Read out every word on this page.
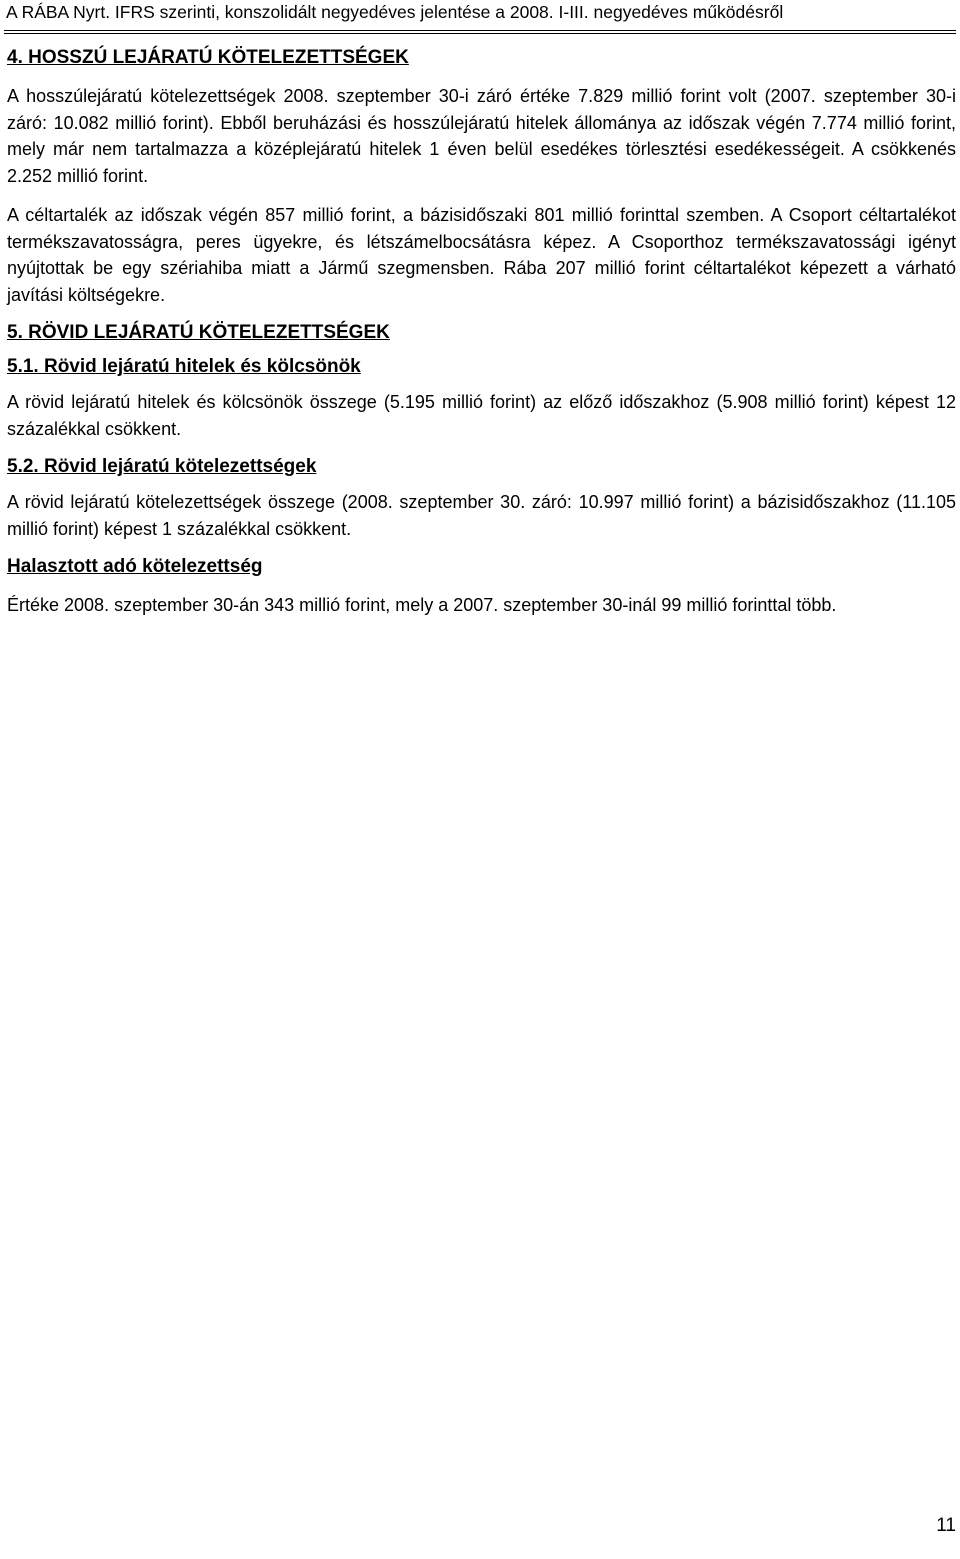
A RÁBA Nyrt. IFRS szerinti, konszolidált negyedéves jelentése a 2008. I-III. negyedéves működésről
4. HOSSZÚ LEJÁRATÚ KÖTELEZETTSÉGEK

A hosszúlejáratú kötelezettségek 2008. szeptember 30-i záró értéke 7.829 millió forint volt (2007. szeptember 30-i záró: 10.082 millió forint). Ebből beruházási és hosszúlejáratú hitelek állománya az időszak végén 7.774 millió forint, mely már nem tartalmazza a középlejáratú hitelek 1 éven belül esedékes törlesztési esedékességeit. A csökkenés 2.252 millió forint.

A céltartalék az időszak végén 857 millió forint, a bázisidőszaki 801 millió forinttal szemben. A Csoport céltartalékot termékszavatosságra, peres ügyekre, és létszámelbocsátásra képez. A Csoporthoz termékszavatossági igényt nyújtottak be egy szériahiba miatt a Jármű szegmensben. Rába 207 millió forint céltartalékot képezett a várható javítási költségekre.

5. RÖVID LEJÁRATÚ KÖTELEZETTSÉGEK
5.1. Rövid lejáratú hitelek és kölcsönök

A rövid lejáratú hitelek és kölcsönök összege (5.195 millió forint) az előző időszakhoz (5.908 millió forint) képest 12 százalékkal csökkent.

5.2. Rövid lejáratú kötelezettségek

A rövid lejáratú kötelezettségek összege (2008. szeptember 30. záró: 10.997 millió forint) a bázisidőszakhoz (11.105 millió forint) képest 1 százalékkal csökkent.

Halasztott adó kötelezettség

Értéke 2008. szeptember 30-án 343 millió forint, mely a 2007. szeptember 30-inál 99 millió forinttal több.

11
